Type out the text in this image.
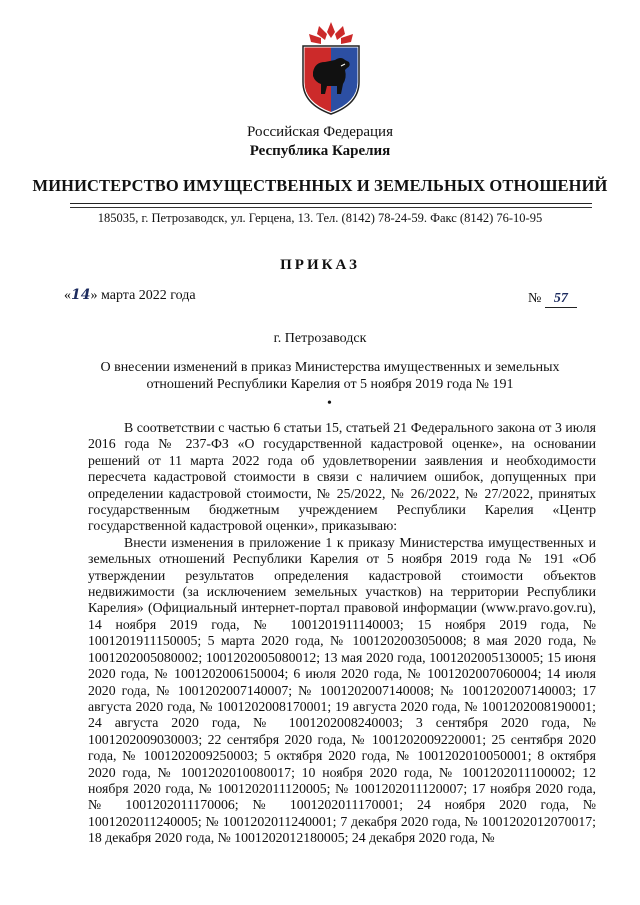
Российская Федерация
Республика Карелия
МИНИСТЕРСТВО ИМУЩЕСТВЕННЫХ И ЗЕМЕЛЬНЫХ ОТНОШЕНИЙ
185035, г. Петрозаводск, ул. Герцена, 13. Тел. (8142) 78-24-59. Факс (8142) 76-10-95
ПРИКАЗ
«14» марта 2022 года	№ 57
г. Петрозаводск
О внесении изменений в приказ Министерства имущественных и земельных отношений Республики Карелия от 5 ноября 2019 года № 191
•

В соответствии с частью 6 статьи 15, статьей 21 Федерального закона от 3 июля 2016 года № 237-ФЗ «О государственной кадастровой оценке», на основании решений от 11 марта 2022 года об удовлетворении заявления и необходимости пересчета кадастровой стоимости в связи с наличием ошибок, допущенных при определении кадастровой стоимости, № 25/2022, № 26/2022, № 27/2022, принятых государственным бюджетным учреждением Республики Карелия «Центр государственной кадастровой оценки», приказываю:

Внести изменения в приложение 1 к приказу Министерства имущественных и земельных отношений Республики Карелия от 5 ноября 2019 года № 191 «Об утверждении результатов определения кадастровой стоимости объектов недвижимости (за исключением земельных участков) на территории Республики Карелия» (Официальный интернет-портал правовой информации (www.pravo.gov.ru), 14 ноября 2019 года, № 1001201911140003; 15 ноября 2019 года, № 1001201911150005; 5 марта 2020 года, № 1001202003050008; 8 мая 2020 года, № 1001202005080002; 1001202005080012; 13 мая 2020 года, 1001202005130005; 15 июня 2020 года, № 1001202006150004; 6 июля 2020 года, № 1001202007060004; 14 июля 2020 года, № 1001202007140007; № 1001202007140008; № 1001202007140003; 17 августа 2020 года, № 1001202008170001; 19 августа 2020 года, № 1001202008190001; 24 августа 2020 года, № 1001202008240003; 3 сентября 2020 года, № 1001202009030003; 22 сентября 2020 года, № 1001202009220001; 25 сентября 2020 года, № 1001202009250003; 5 октября 2020 года, № 1001202010050001; 8 октября 2020 года, № 1001202010080017; 10 ноября 2020 года, № 1001202011100002; 12 ноября 2020 года, № 1001202011120005; № 1001202011120007; 17 ноября 2020 года, № 1001202011170006; № 1001202011170001; 24 ноября 2020 года, № 1001202011240005; № 1001202011240001; 7 декабря 2020 года, № 1001202012070017; 18 декабря 2020 года, № 1001202012180005; 24 декабря 2020 года, №
